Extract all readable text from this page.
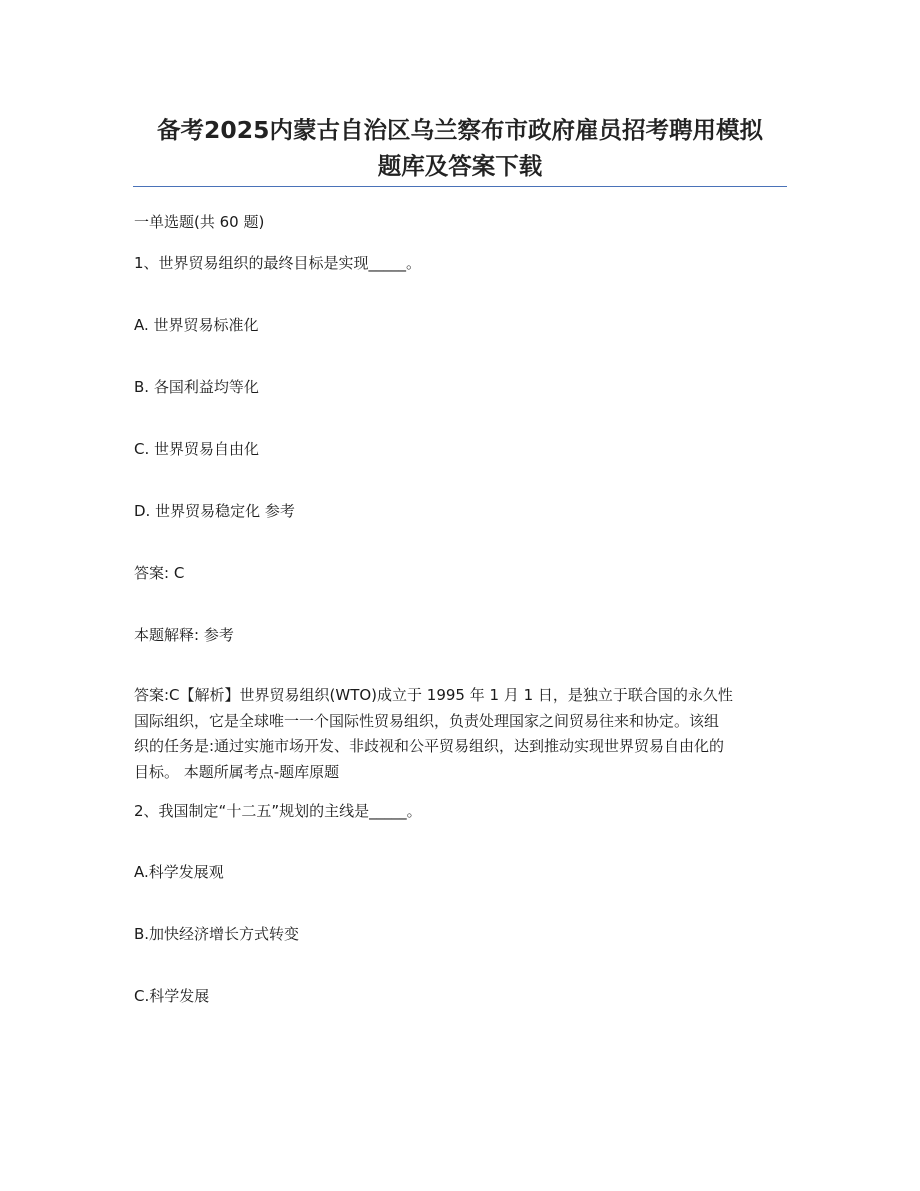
备考2025内蒙古自治区乌兰察布市政府雇员招考聘用模拟
题库及答案下载
一单选题(共 60 题)
1、世界贸易组织的最终目标是实现_____。
A. 世界贸易标准化
B. 各国利益均等化
C. 世界贸易自由化
D. 世界贸易稳定化 参考
答案: C
本题解释: 参考
答案:C【解析】世界贸易组织(WTO)成立于 1995 年 1 月 1 日，是独立于联合国的永久性
国际组织，它是全球唯一一个国际性贸易组织，负责处理国家之间贸易往来和协定。该组
织的任务是:通过实施市场开发、非歧视和公平贸易组织，达到推动实现世界贸易自由化的
目标。 本题所属考点-题库原题
2、我国制定“十二五”规划的主线是_____。
A.科学发展观
B.加快经济增长方式转变
C.科学发展
